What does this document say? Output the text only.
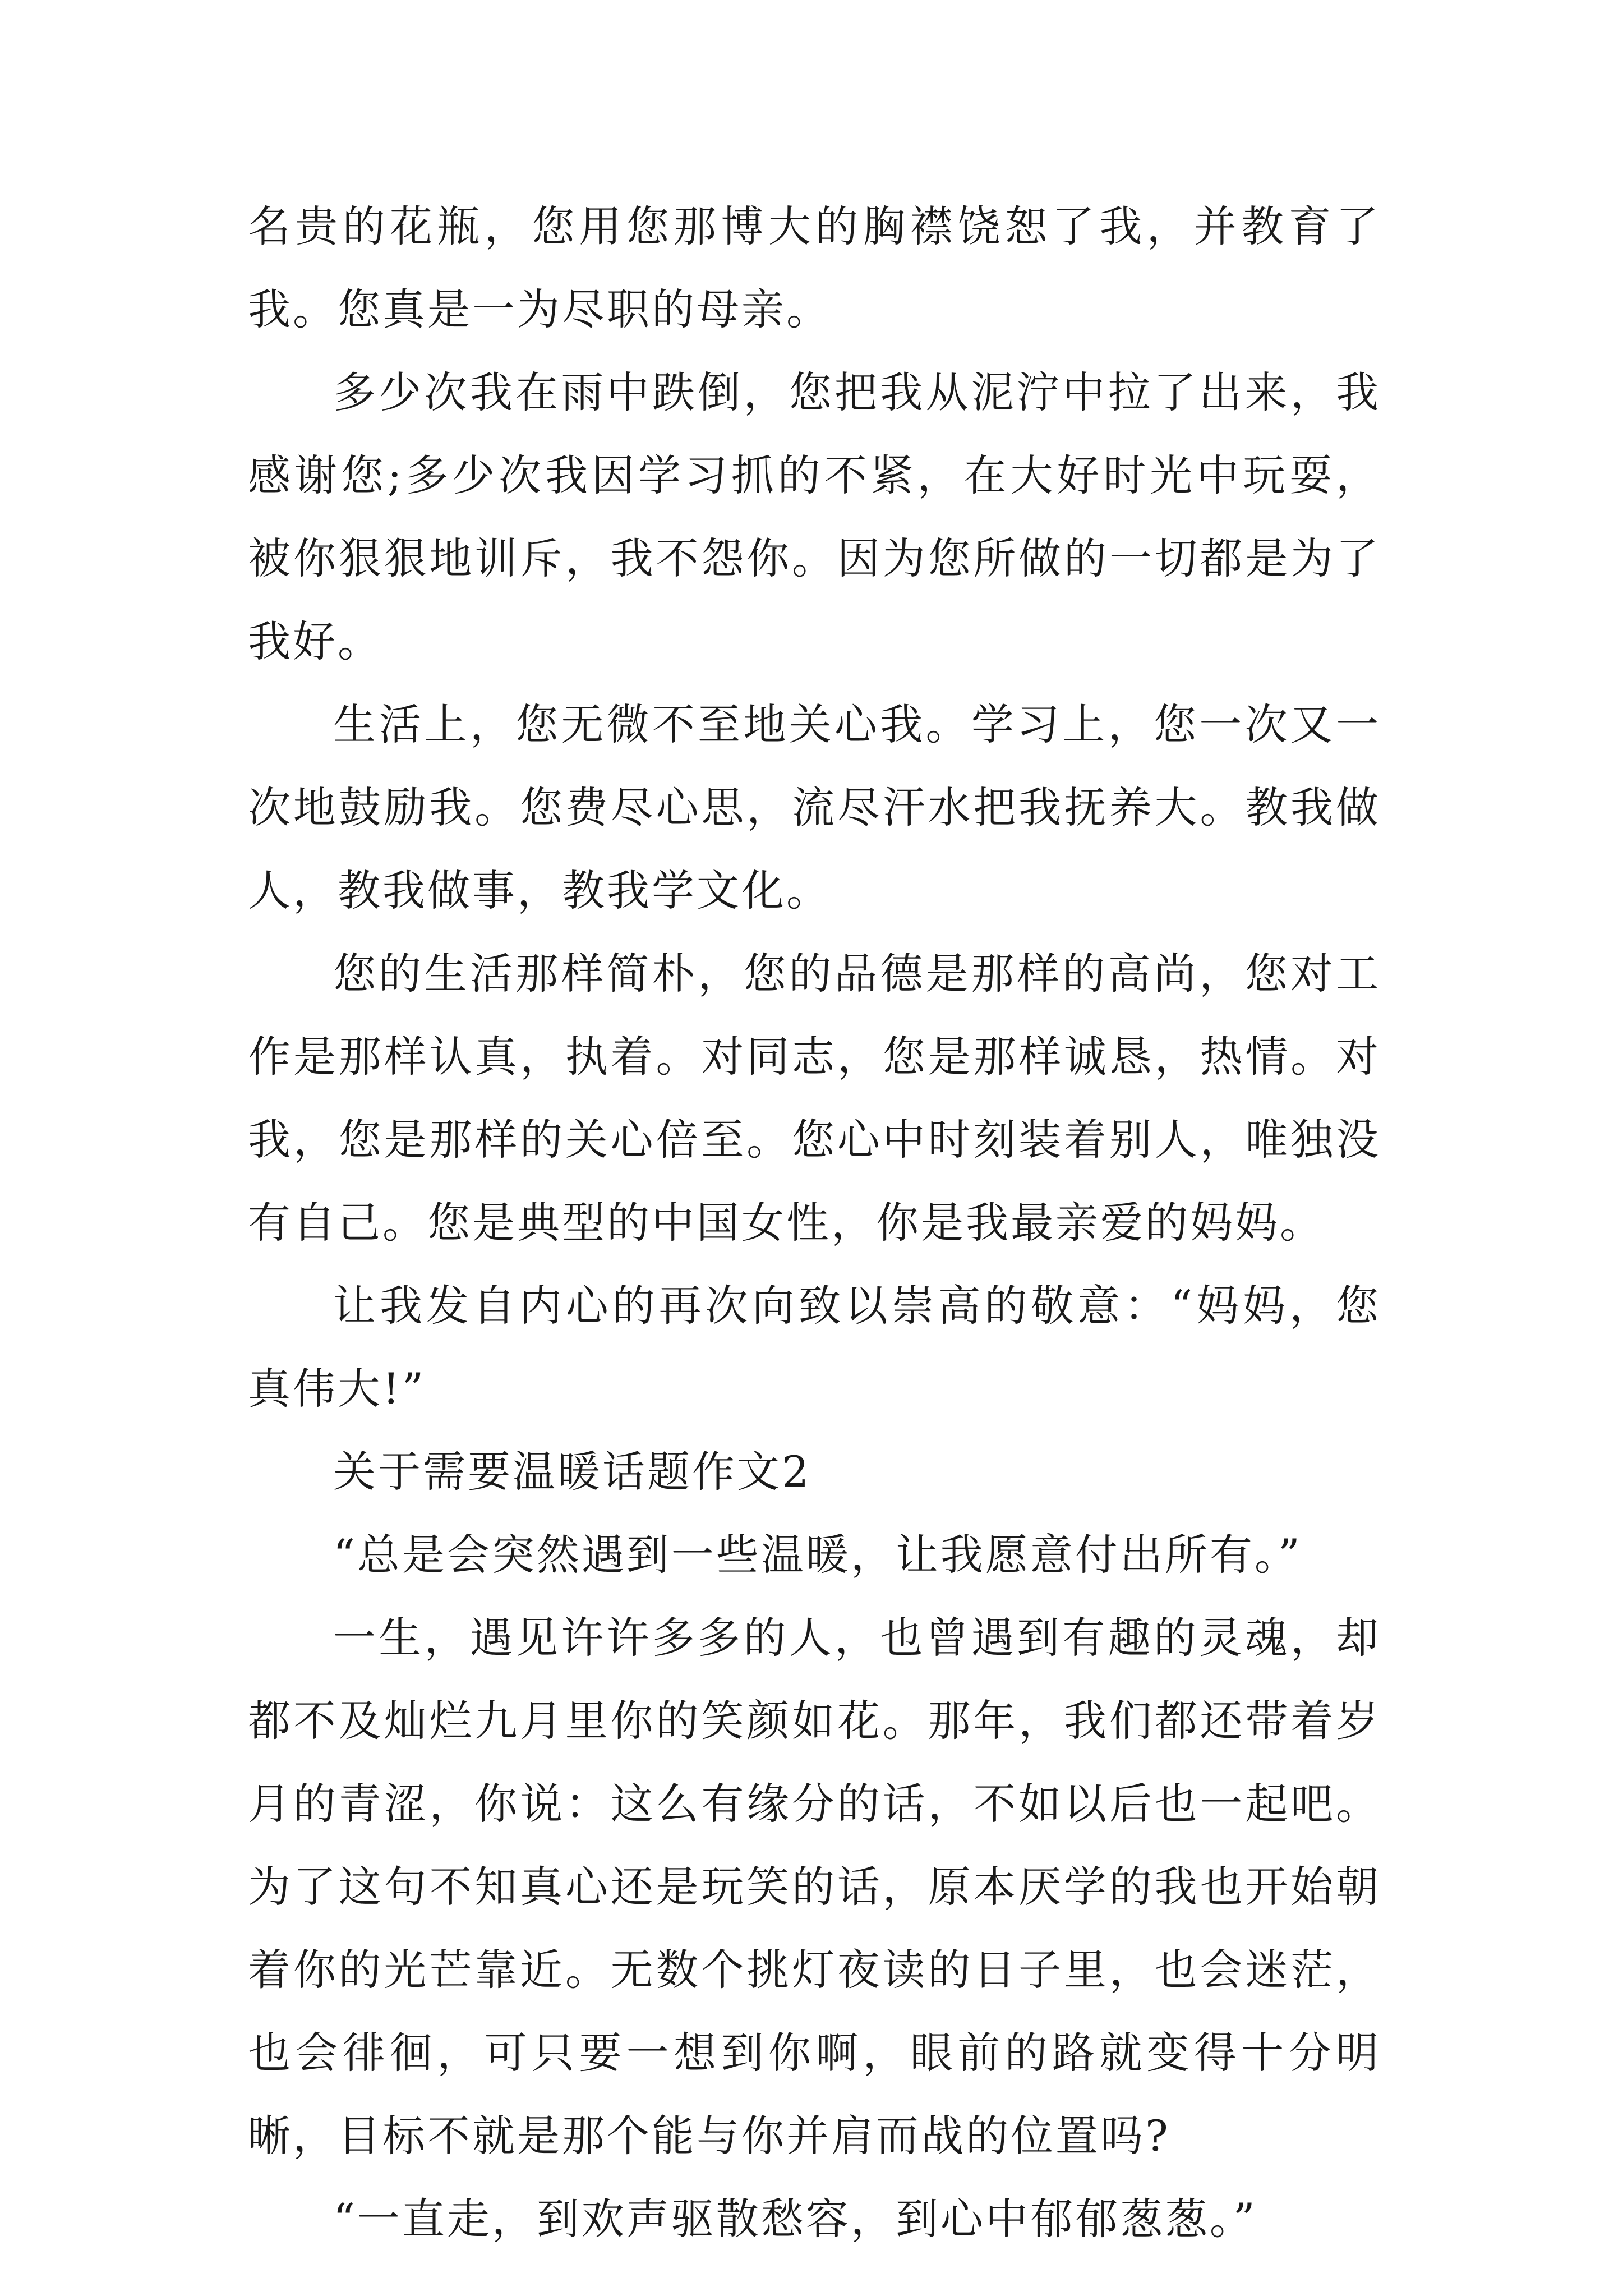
名贵的花瓶，您用您那博大的胸襟饶恕了我，并教育了我。您真是一为尽职的母亲。

多少次我在雨中跌倒，您把我从泥泞中拉了出来，我感谢您;多少次我因学习抓的不紧，在大好时光中玩耍，被你狠狠地训斥，我不怨你。因为您所做的一切都是为了我好。

生活上，您无微不至地关心我。学习上，您一次又一次地鼓励我。您费尽心思，流尽汗水把我抚养大。教我做人，教我做事，教我学文化。

您的生活那样简朴，您的品德是那样的高尚，您对工作是那样认真，执着。对同志，您是那样诚恳，热情。对我，您是那样的关心倍至。您心中时刻装着别人，唯独没有自己。您是典型的中国女性，你是我最亲爱的妈妈。

让我发自内心的再次向致以崇高的敬意：“妈妈，您真伟大!”

关于需要温暖话题作文2

“总是会突然遇到一些温暖，让我愿意付出所有。”

一生，遇见许许多多的人，也曾遇到有趣的灵魂，却都不及灿烂九月里你的笑颜如花。那年，我们都还带着岁月的青涩，你说：这么有缘分的话，不如以后也一起吧。为了这句不知真心还是玩笑的话，原本厌学的我也开始朝着你的光芒靠近。无数个挑灯夜读的日子里，也会迷茫，也会徘徊，可只要一想到你啊，眼前的路就变得十分明晰，目标不就是那个能与你并肩而战的位置吗?

“一直走，到欢声驱散愁容，到心中郁郁葱葱。”
